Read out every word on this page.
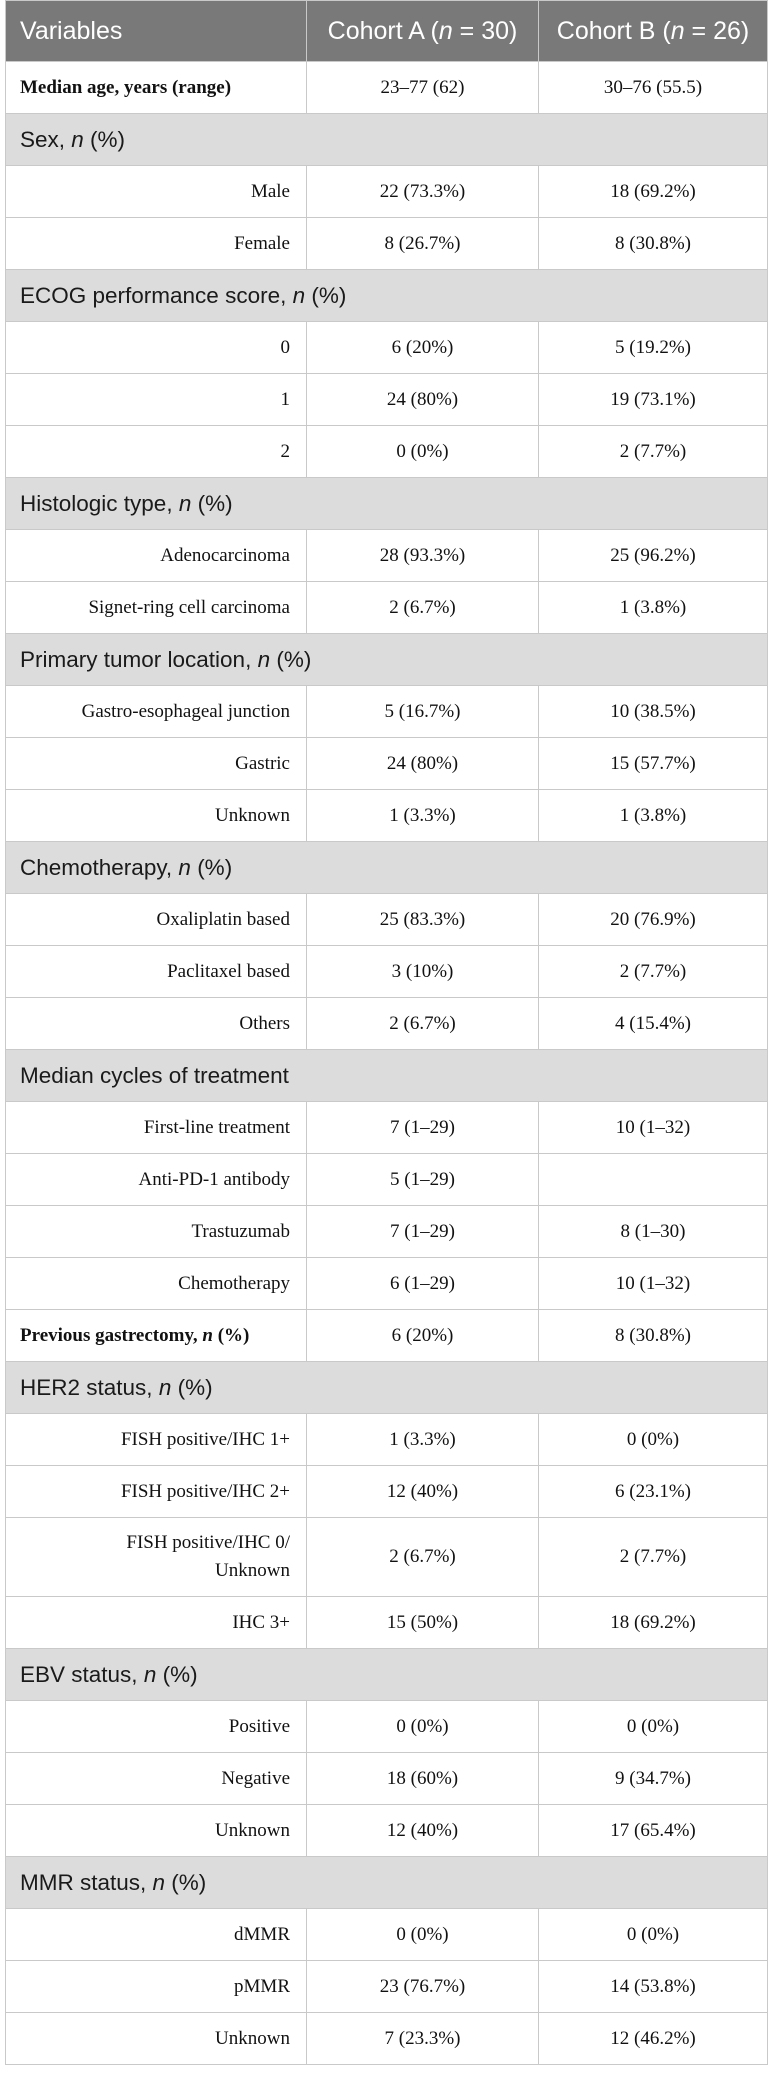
Variables	Cohort A (n = 30)	Cohort B (n = 26)
Median age, years (range)	23–77 (62)	30–76 (55.5)
Sex, n (%)		
Male	22 (73.3%)	18 (69.2%)
Female	8 (26.7%)	8 (30.8%)
ECOG performance score, n (%)		
0	6 (20%)	5 (19.2%)
1	24 (80%)	19 (73.1%)
2	0 (0%)	2 (7.7%)
Histologic type, n (%)		
Adenocarcinoma	28 (93.3%)	25 (96.2%)
Signet-ring cell carcinoma	2 (6.7%)	1 (3.8%)
Primary tumor location, n (%)		
Gastro-esophageal junction	5 (16.7%)	10 (38.5%)
Gastric	24 (80%)	15 (57.7%)
Unknown	1 (3.3%)	1 (3.8%)
Chemotherapy, n (%)		
Oxaliplatin based	25 (83.3%)	20 (76.9%)
Paclitaxel based	3 (10%)	2 (7.7%)
Others	2 (6.7%)	4 (15.4%)
Median cycles of treatment		
First-line treatment	7 (1–29)	10 (1–32)
Anti-PD-1 antibody	5 (1–29)	
Trastuzumab	7 (1–29)	8 (1–30)
Chemotherapy	6 (1–29)	10 (1–32)
Previous gastrectomy, n (%)	6 (20%)	8 (30.8%)
HER2 status, n (%)		
FISH positive/IHC 1+	1 (3.3%)	0 (0%)
FISH positive/IHC 2+	12 (40%)	6 (23.1%)
FISH positive/IHC 0/
Unknown	2 (6.7%)	2 (7.7%)
IHC 3+	15 (50%)	18 (69.2%)
EBV status, n (%)		
Positive	0 (0%)	0 (0%)
Negative	18 (60%)	9 (34.7%)
Unknown	12 (40%)	17 (65.4%)
MMR status, n (%)		
dMMR	0 (0%)	0 (0%)
pMMR	23 (76.7%)	14 (53.8%)
Unknown	7 (23.3%)	12 (46.2%)
